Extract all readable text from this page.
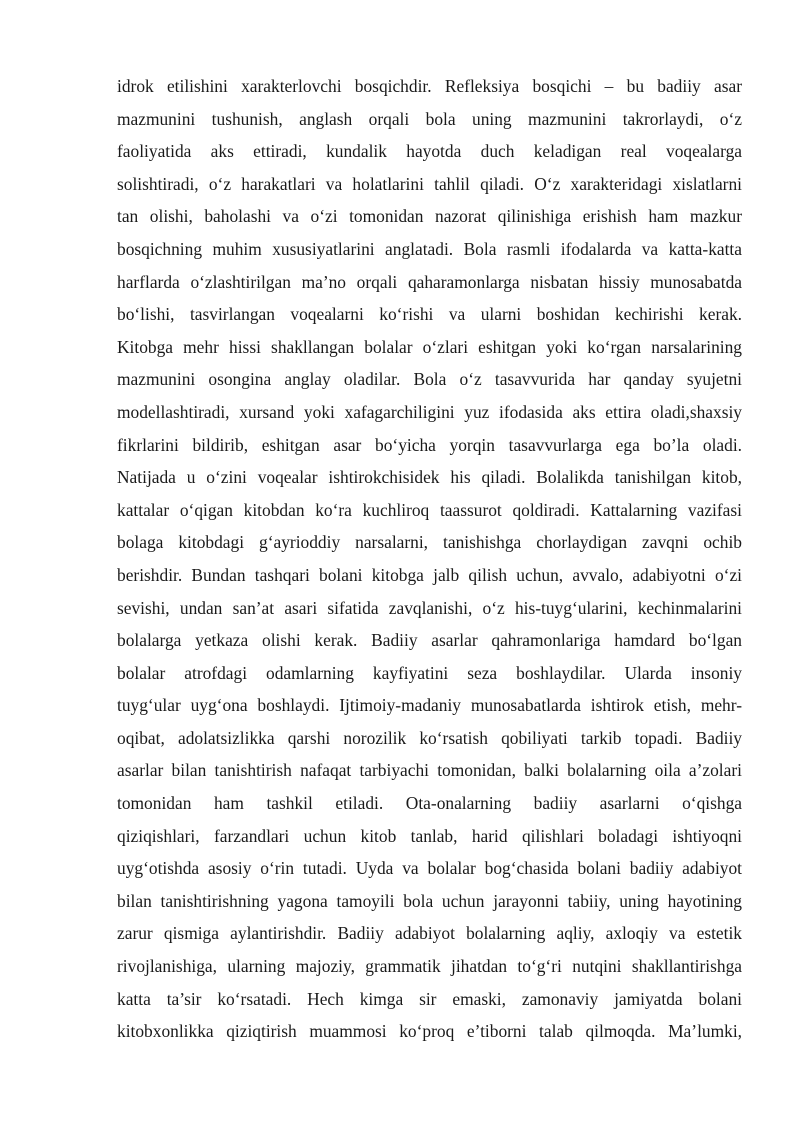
idrok etilishini xarakterlovchi bosqichdir. Refleksiya bosqichi – bu badiiy asar
mazmunini tushunish, anglash orqali bola uning mazmunini takrorlaydi, o‘z
faoliyatida aks ettiradi, kundalik hayotda duch keladigan real voqealarga
solishtiradi, o‘z harakatlari va holatlarini tahlil qiladi. O‘z xarakteridagi xislatlarni
tan olishi, baholashi va o‘zi tomonidan nazorat qilinishiga erishish ham mazkur
bosqichning muhim xususiyatlarini anglatadi. Bola rasmli ifodalarda va katta-katta
harflarda o‘zlashtirilgan ma’no orqali qaharamonlarga nisbatan hissiy munosabatda
bo‘lishi, tasvirlangan voqealarni ko‘rishi va ularni boshidan kechirishi kerak.
Kitobga mehr hissi shakllangan bolalar o‘zlari eshitgan yoki ko‘rgan narsalarining
mazmunini osongina anglay oladilar. Bola o‘z tasavvurida har qanday syujetni
modellashtiradi, xursand yoki xafagarchiligini yuz ifodasida aks ettira oladi,shaxsiy
fikrlarini bildirib, eshitgan asar bo‘yicha yorqin tasavvurlarga ega bo’la oladi.
Natijada u o‘zini voqealar ishtirokchisidek his qiladi. Bolalikda tanishilgan kitob,
kattalar o‘qigan kitobdan ko‘ra kuchliroq taassurot qoldiradi. Kattalarning vazifasi
bolaga kitobdagi g‘ayrioddiy narsalarni, tanishishga chorlaydigan zavqni ochib
berishdir. Bundan tashqari bolani kitobga jalb qilish uchun, avvalo, adabiyotni o‘zi
sevishi, undan san’at asari sifatida zavqlanishi, o‘z his-tuyg‘ularini, kechinmalarini
bolalarga yetkaza olishi kerak. Badiiy asarlar qahramonlariga hamdard bo‘lgan
bolalar atrofdagi odamlarning kayfiyatini seza boshlaydilar. Ularda insoniy
tuyg‘ular uyg‘ona boshlaydi. Ijtimoiy-madaniy munosabatlarda ishtirok etish, mehr-
oqibat, adolatsizlikka qarshi norozilik ko‘rsatish qobiliyati tarkib topadi. Badiiy
asarlar bilan tanishtirish nafaqat tarbiyachi tomonidan, balki bolalarning oila a’zolari
tomonidan ham tashkil etiladi. Ota-onalarning badiiy asarlarni o‘qishga
qiziqishlari, farzandlari uchun kitob tanlab, harid qilishlari boladagi ishtiyoqni
uyg‘otishda asosiy o‘rin tutadi. Uyda va bolalar bog‘chasida bolani badiiy adabiyot
bilan tanishtirishning yagona tamoyili bola uchun jarayonni tabiiy, uning hayotining
zarur qismiga aylantirishdir. Badiiy adabiyot bolalarning aqliy, axloqiy va estetik
rivojlanishiga, ularning majoziy, grammatik jihatdan to‘g‘ri nutqini shakllantirishga
katta ta’sir ko‘rsatadi. Hech kimga sir emaski, zamonaviy jamiyatda bolani
kitobxonlikka qiziqtirish muammosi ko‘proq e’tiborni talab qilmoqda. Ma’lumki,
